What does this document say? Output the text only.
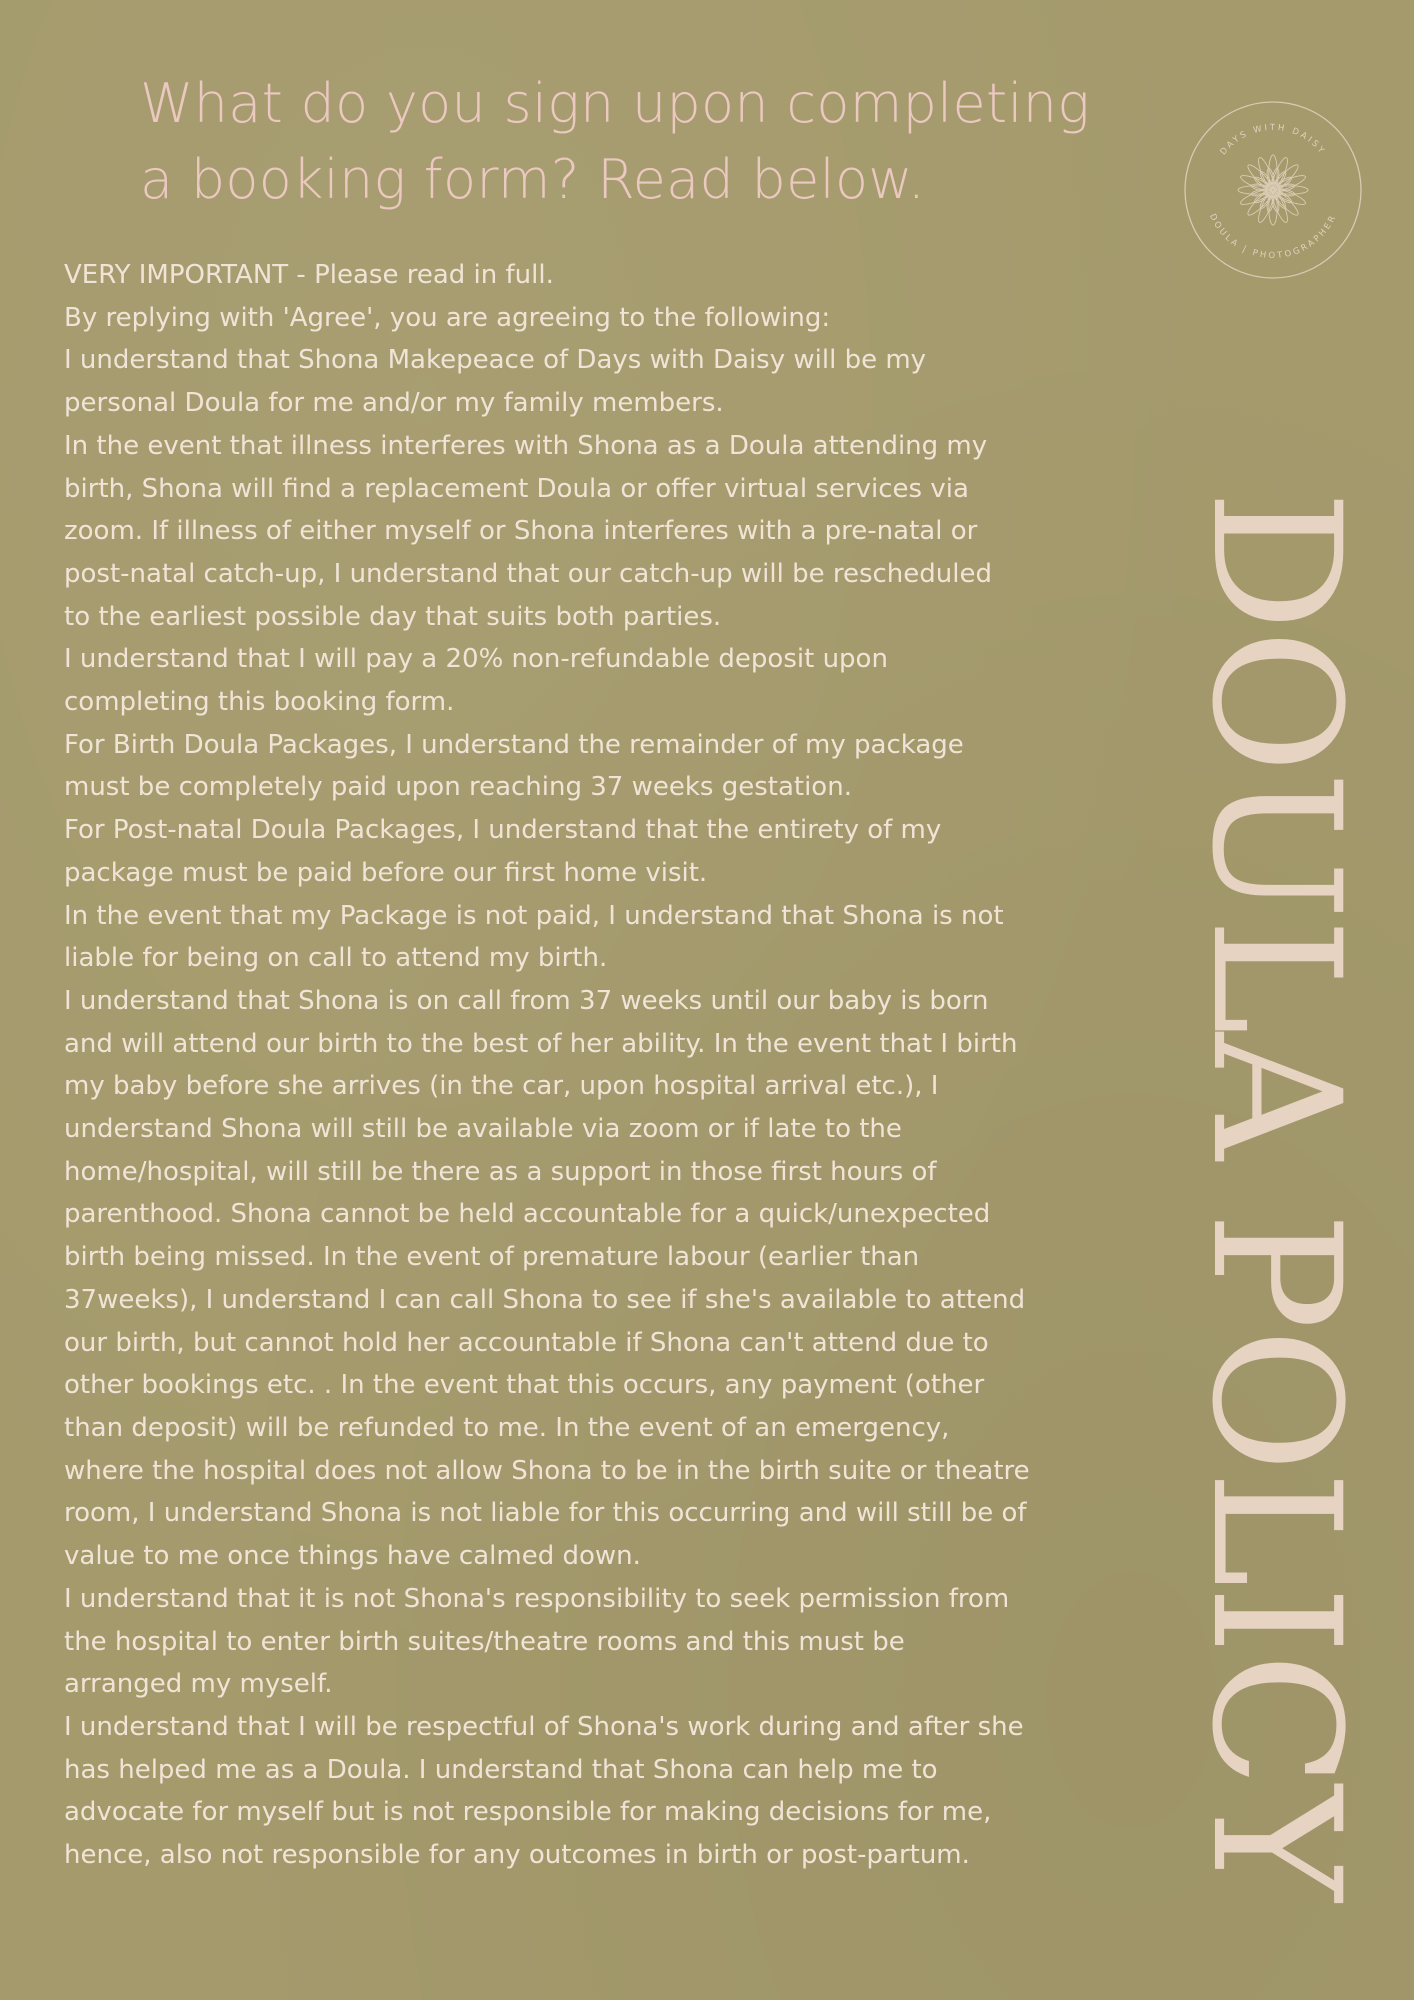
What do you sign upon completing
a booking form? Read below.	DAYS WITH DAISY
DOULA | PHOTOGRAPHER
DOULA POLICY
VERY IMPORTANT - Please read in full.
By replying with 'Agree', you are agreeing to the following:
I understand that Shona Makepeace of Days with Daisy will be my
personal Doula for me and/or my family members.
In the event that illness interferes with Shona as a Doula attending my
birth, Shona will find a replacement Doula or offer virtual services via
zoom. If illness of either myself or Shona interferes with a pre-natal or
post-natal catch-up, I understand that our catch-up will be rescheduled
to the earliest possible day that suits both parties.
I understand that I will pay a 20% non-refundable deposit upon
completing this booking form.
For Birth Doula Packages, I understand the remainder of my package
must be completely paid upon reaching 37 weeks gestation.
For Post-natal Doula Packages, I understand that the entirety of my
package must be paid before our first home visit.
In the event that my Package is not paid, I understand that Shona is not
liable for being on call to attend my birth.
I understand that Shona is on call from 37 weeks until our baby is born
and will attend our birth to the best of her ability. In the event that I birth
my baby before she arrives (in the car, upon hospital arrival etc.), I
understand Shona will still be available via zoom or if late to the
home/hospital, will still be there as a support in those first hours of
parenthood. Shona cannot be held accountable for a quick/unexpected
birth being missed. In the event of premature labour (earlier than
37weeks), I understand I can call Shona to see if she's available to attend
our birth, but cannot hold her accountable if Shona can't attend due to
other bookings etc. . In the event that this occurs, any payment (other
than deposit) will be refunded to me. In the event of an emergency,
where the hospital does not allow Shona to be in the birth suite or theatre
room, I understand Shona is not liable for this occurring and will still be of
value to me once things have calmed down.
I understand that it is not Shona's responsibility to seek permission from
the hospital to enter birth suites/theatre rooms and this must be
arranged my myself.
I understand that I will be respectful of Shona's work during and after she
has helped me as a Doula. I understand that Shona can help me to
advocate for myself but is not responsible for making decisions for me,
hence, also not responsible for any outcomes in birth or post-partum.
